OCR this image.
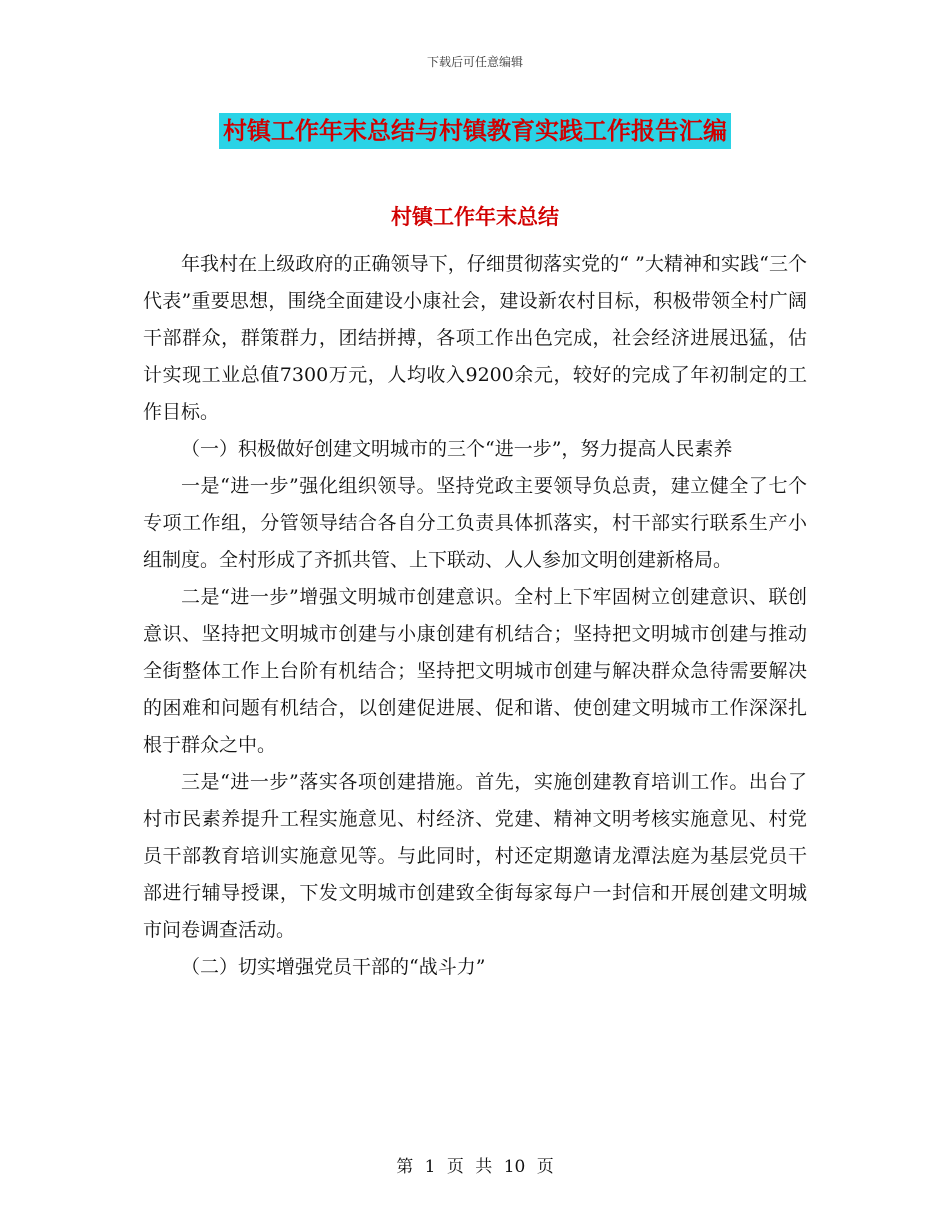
下载后可任意编辑
村镇工作年末总结与村镇教育实践工作报告汇编
村镇工作年末总结

年我村在上级政府的正确领导下，仔细贯彻落实党的“ ”大精神和实践“三个代表”重要思想，围绕全面建设小康社会，建设新农村目标，积极带领全村广阔干部群众，群策群力，团结拼搏，各项工作出色完成，社会经济进展迅猛，估计实现工业总值7300万元，人均收入9200余元，较好的完成了年初制定的工作目标。

（一）积极做好创建文明城市的三个“进一步”，努力提高人民素养

一是“进一步”强化组织领导。坚持党政主要领导负总责，建立健全了七个专项工作组，分管领导结合各自分工负责具体抓落实，村干部实行联系生产小组制度。全村形成了齐抓共管、上下联动、人人参加文明创建新格局。

二是“进一步”增强文明城市创建意识。全村上下牢固树立创建意识、联创意识、坚持把文明城市创建与小康创建有机结合；坚持把文明城市创建与推动全街整体工作上台阶有机结合；坚持把文明城市创建与解决群众急待需要解决的困难和问题有机结合，以创建促进展、促和谐、使创建文明城市工作深深扎根于群众之中。

三是“进一步”落实各项创建措施。首先，实施创建教育培训工作。出台了村市民素养提升工程实施意见、村经济、党建、精神文明考核实施意见、村党员干部教育培训实施意见等。与此同时，村还定期邀请龙潭法庭为基层党员干部进行辅导授课，下发文明城市创建致全街每家每户一封信和开展创建文明城市问卷调查活动。

（二）切实增强党员干部的“战斗力”

第 1 页 共 10 页
